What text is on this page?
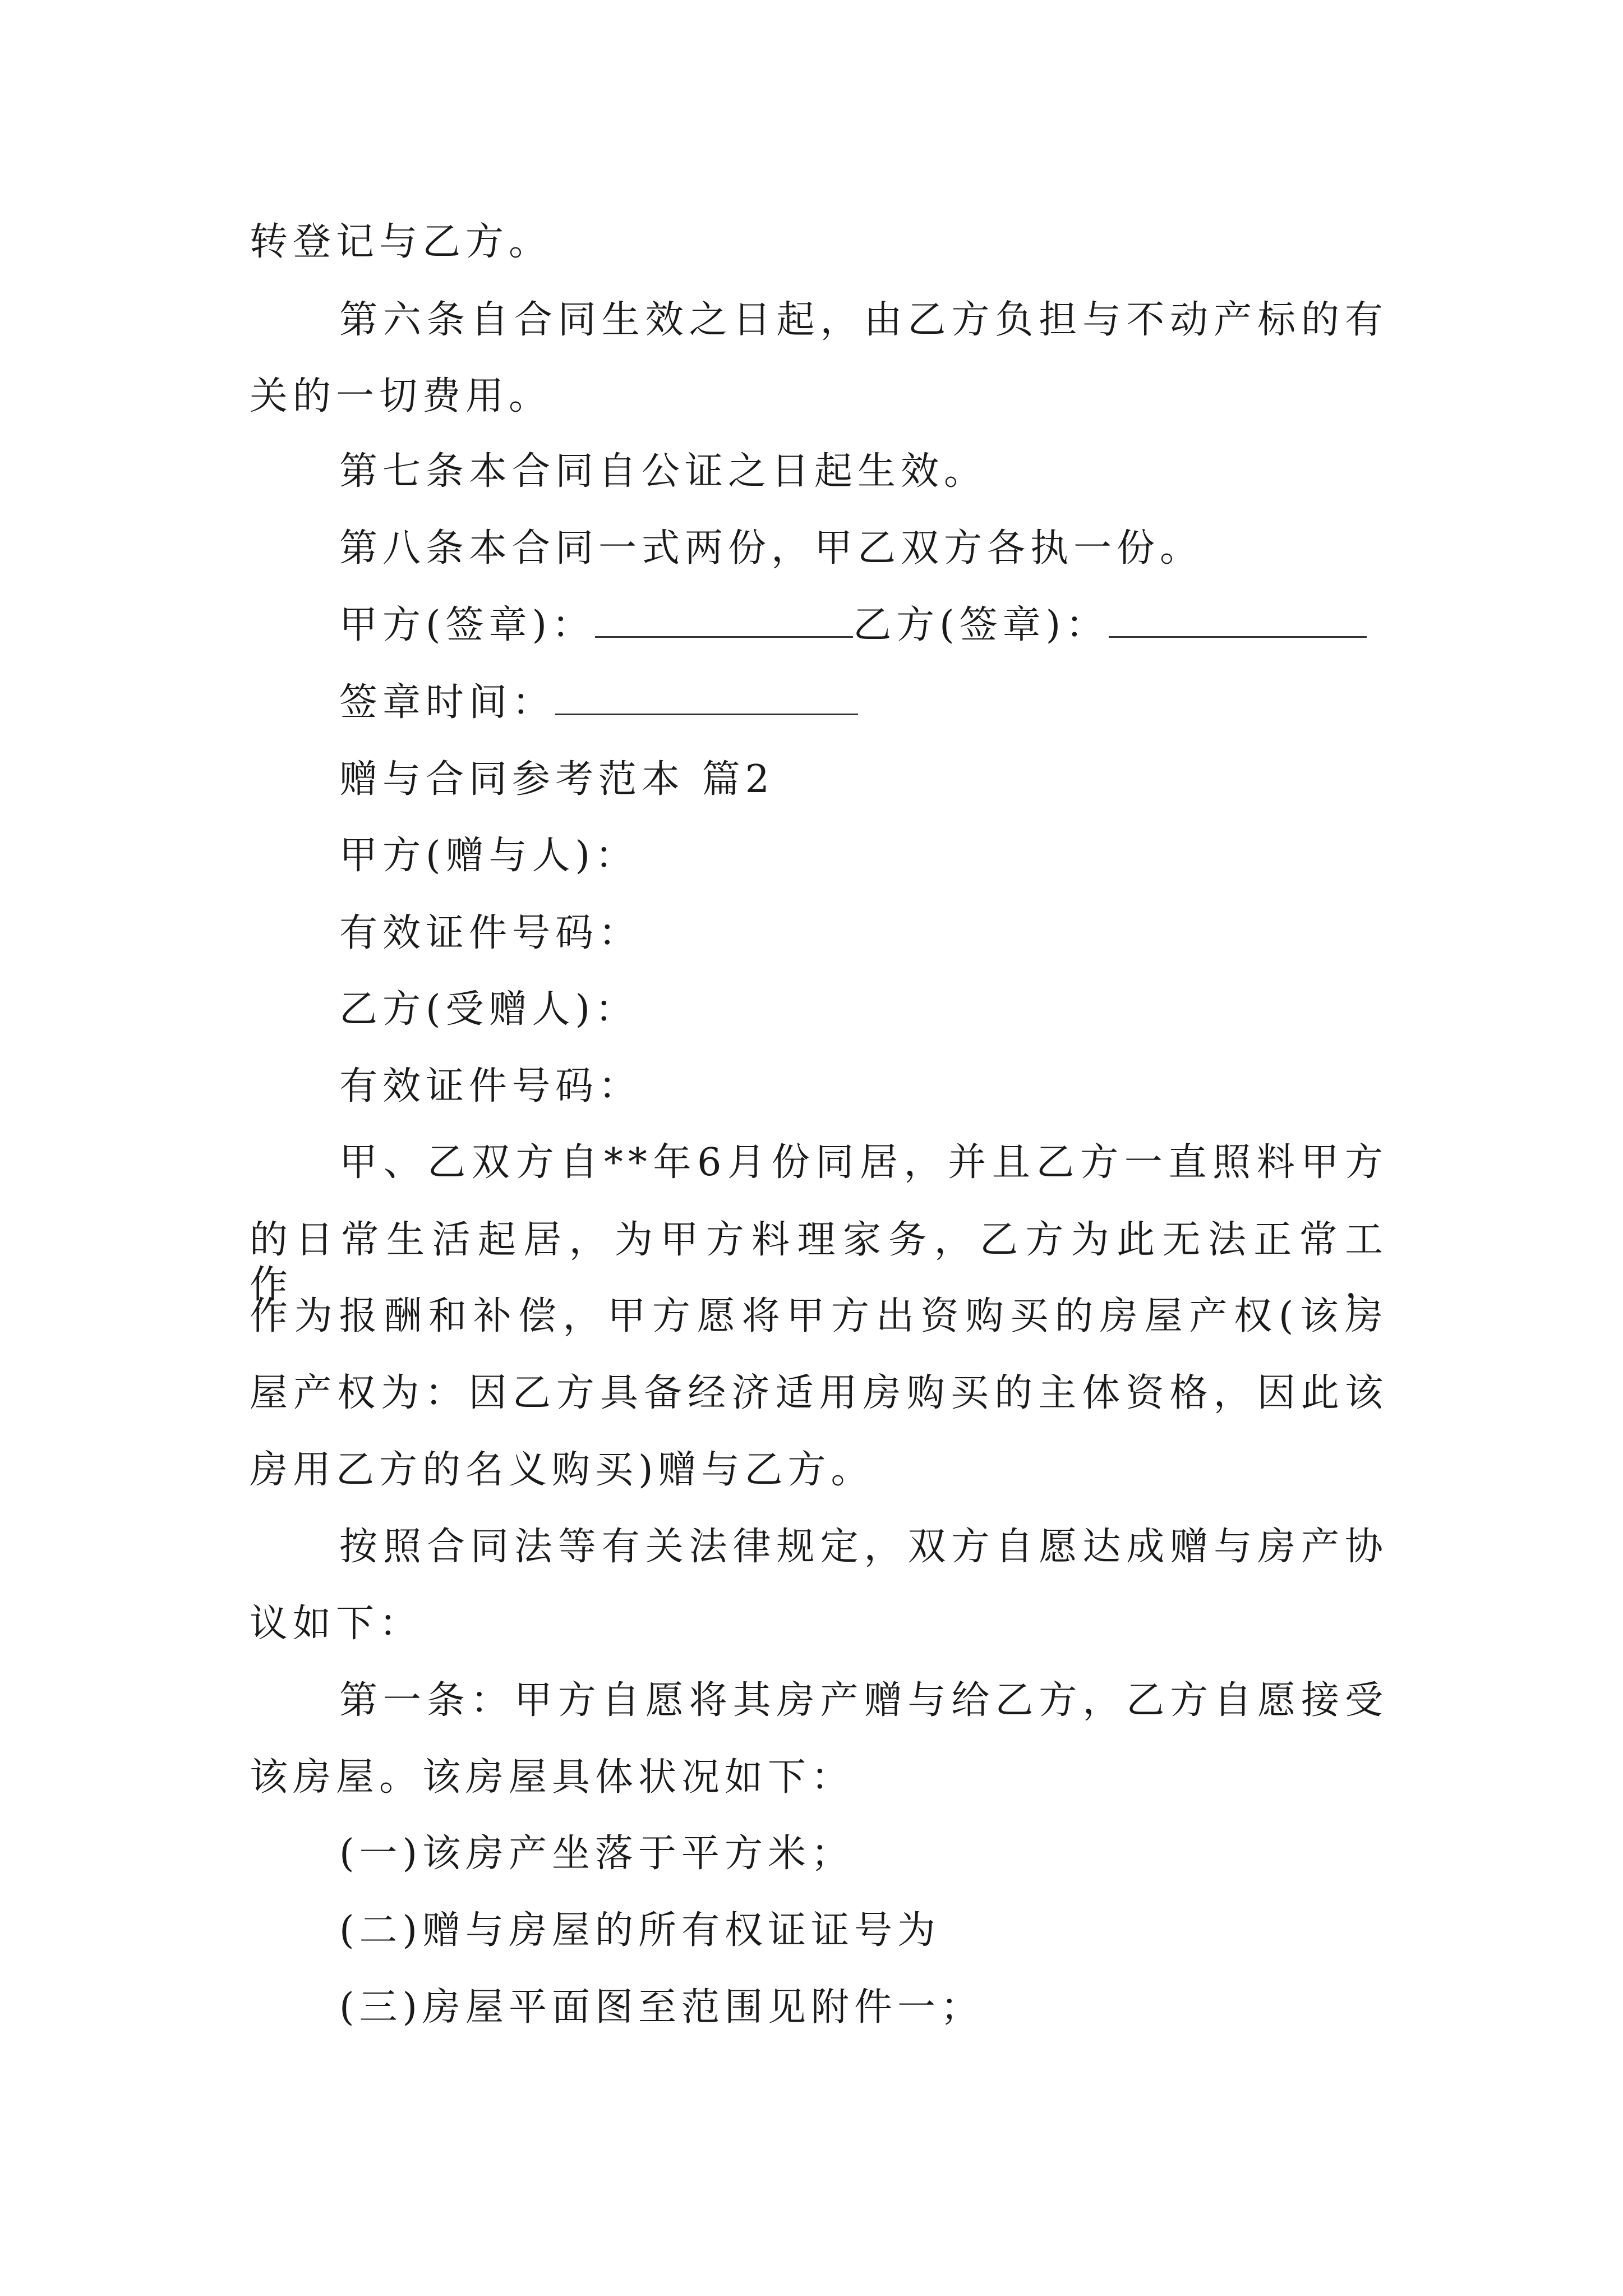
转登记与乙方。
第六条自合同生效之日起，由乙方负担与不动产标的有
关的一切费用。
第七条本合同自公证之日起生效。
第八条本合同一式两份，甲乙双方各执一份。
甲方(签章)：	乙方(签章)：
签章时间：
赠与合同参考范本 篇2
甲方(赠与人)：
有效证件号码：
乙方(受赠人)：
有效证件号码：
甲、乙双方自**年6月份同居，并且乙方一直照料甲方
的日常生活起居，为甲方料理家务，乙方为此无法正常工作，
作为报酬和补偿，甲方愿将甲方出资购买的房屋产权(该房
屋产权为：因乙方具备经济适用房购买的主体资格，因此该
房用乙方的名义购买)赠与乙方。
按照合同法等有关法律规定，双方自愿达成赠与房产协
议如下：
第一条：甲方自愿将其房产赠与给乙方，乙方自愿接受
该房屋。该房屋具体状况如下：
(一)该房产坐落于平方米；
(二)赠与房屋的所有权证证号为
(三)房屋平面图至范围见附件一；
